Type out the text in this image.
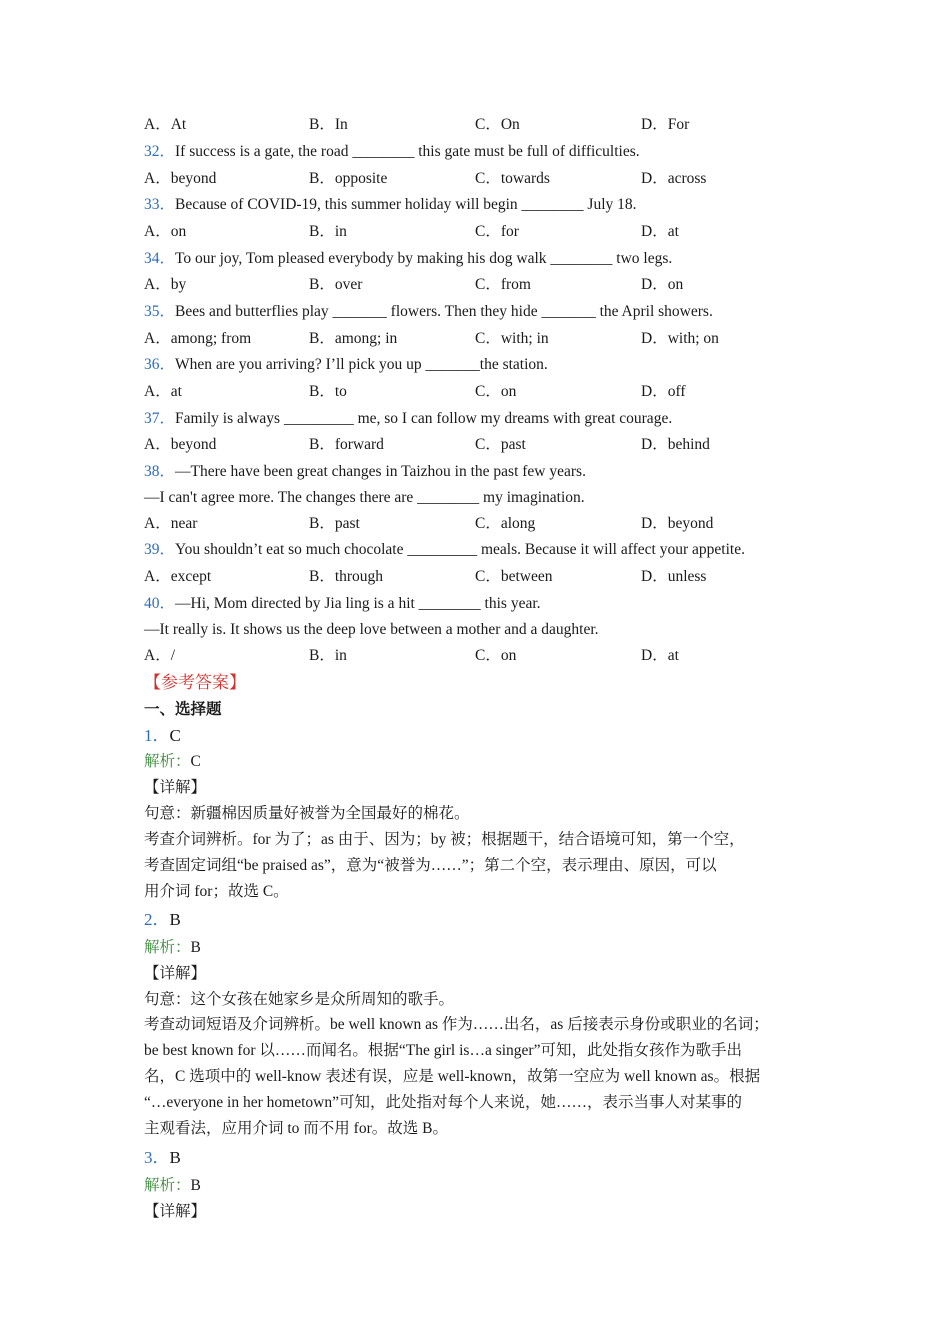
A．At	B．In	C．On	D．For
32．If success is a gate, the road ________ this gate must be full of difficulties.
A．beyond	B．opposite	C．towards	D．across
33．Because of COVID-19, this summer holiday will begin ________ July 18.
A．on	B．in	C．for	D．at
34．To our joy, Tom pleased everybody by making his dog walk ________ two legs.
A．by	B．over	C．from	D．on
35．Bees and butterflies play _______ flowers. Then they hide _______ the April showers.
A．among; from	B．among; in	C．with; in	D．with; on
36．When are you arriving? I’ll pick you up _______the station.
A．at	B．to	C．on	D．off
37．Family is always _________ me, so I can follow my dreams with great courage.
A．beyond	B．forward	C．past	D．behind
38．—There have been great changes in Taizhou in the past few years.
—I can't agree more. The changes there are ________ my imagination.
A．near	B．past	C．along	D．beyond
39．You shouldn’t eat so much chocolate _________ meals. Because it will affect your appetite.
A．except	B．through	C．between	D．unless
40．—Hi, Mom directed by Jia ling is a hit ________ this year.
—It really is. It shows us the deep love between a mother and a daughter.
A．/	B．in	C．on	D．at
【参考答案】
一、选择题
1．C
解析：C
【详解】
句意：新疆棉因质量好被誉为全国最好的棉花。
考查介词辨析。for 为了；as 由于、因为；by 被；根据题干，结合语境可知，第一个空，
考查固定词组“be praised as”，意为“被誉为……”；第二个空，表示理由、原因，可以
用介词 for；故选 C。
2．B
解析：B
【详解】
句意：这个女孩在她家乡是众所周知的歌手。
考查动词短语及介词辨析。be well known as 作为……出名，as 后接表示身份或职业的名词；
be best known for 以……而闻名。根据“The girl is…a singer”可知，此处指女孩作为歌手出
名，C 选项中的 well-know 表述有误，应是 well-known，故第一空应为 well known as。根据
“…everyone in her hometown”可知，此处指对每个人来说，她……，表示当事人对某事的
主观看法，应用介词 to 而不用 for。故选 B。
3．B
解析：B
【详解】
